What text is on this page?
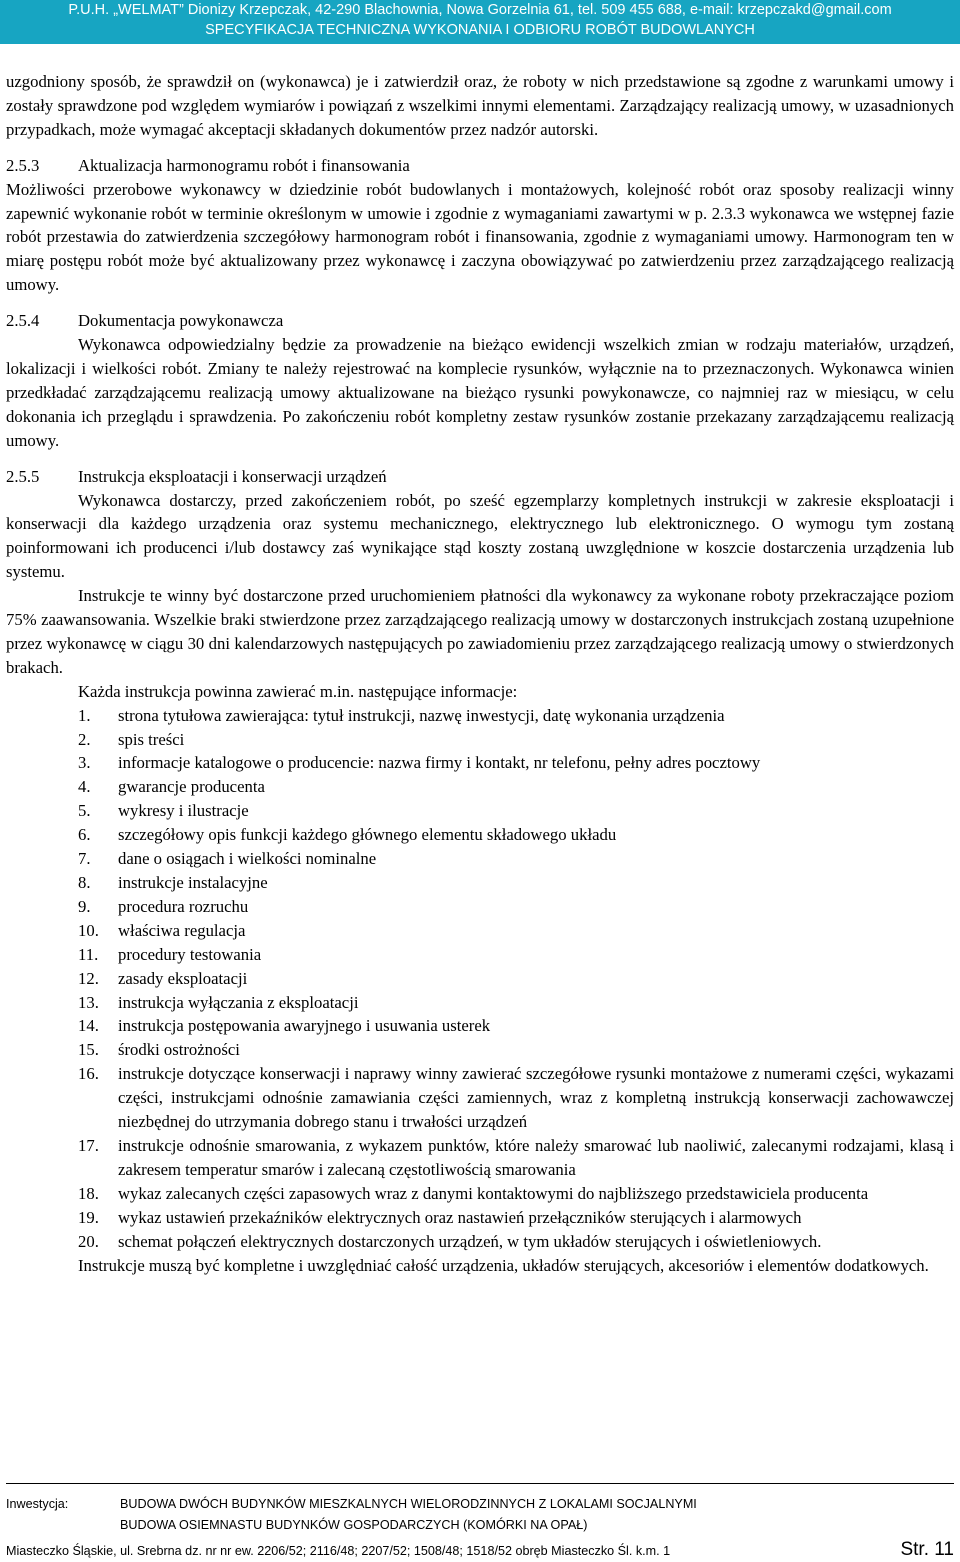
P.U.H. „WELMAT” Dionizy Krzepczak, 42-290 Blachownia, Nowa Gorzelnia 61, tel. 509 455 688, e-mail: krzepczakd@gmail.com
SPECYFIKACJA TECHNICZNA WYKONANIA I ODBIORU ROBÓT BUDOWLANYCH

uzgodniony sposób, że sprawdził on (wykonawca) je i zatwierdził oraz, że roboty w nich przedstawione są zgodne z warunkami umowy i zostały sprawdzone pod względem wymiarów i powiązań z wszelkimi innymi elementami. Zarządzający realizacją umowy, w uzasadnionych przypadkach, może wymagać akceptacji składanych dokumentów przez nadzór autorski.

2.5.3 Aktualizacja harmonogramu robót i finansowania

Możliwości przerobowe wykonawcy w dziedzinie robót budowlanych i montażowych, kolejność robót oraz sposoby realizacji winny zapewnić wykonanie robót w terminie określonym w umowie i zgodnie z wymaganiami zawartymi w p. 2.3.3 wykonawca we wstępnej fazie robót przestawia do zatwierdzenia szczegółowy harmonogram robót i finansowania, zgodnie z wymaganiami umowy. Harmonogram ten w miarę postępu robót może być aktualizowany przez wykonawcę i zaczyna obowiązywać po zatwierdzeniu przez zarządzającego realizacją umowy.

2.5.4 Dokumentacja powykonawcza

Wykonawca odpowiedzialny będzie za prowadzenie na bieżąco ewidencji wszelkich zmian w rodzaju materiałów, urządzeń, lokalizacji i wielkości robót. Zmiany te należy rejestrować na komplecie rysunków, wyłącznie na to przeznaczonych. Wykonawca winien przedkładać zarządzającemu realizacją umowy aktualizowane na bieżąco rysunki powykonawcze, co najmniej raz w miesiącu, w celu dokonania ich przeglądu i sprawdzenia. Po zakończeniu robót kompletny zestaw rysunków zostanie przekazany zarządzającemu realizacją umowy.

2.5.5 Instrukcja eksploatacji i konserwacji urządzeń

Wykonawca dostarczy, przed zakończeniem robót, po sześć egzemplarzy kompletnych instrukcji w zakresie eksploatacji i konserwacji dla każdego urządzenia oraz systemu mechanicznego, elektrycznego lub elektronicznego. O wymogu tym zostaną poinformowani ich producenci i/lub dostawcy zaś wynikające stąd koszty zostaną uwzględnione w koszcie dostarczenia urządzenia lub systemu.

Instrukcje te winny być dostarczone przed uruchomieniem płatności dla wykonawcy za wykonane roboty przekraczające poziom 75% zaawansowania. Wszelkie braki stwierdzone przez zarządzającego realizacją umowy w dostarczonych instrukcjach zostaną uzupełnione przez wykonawcę w ciągu 30 dni kalendarzowych następujących po zawiadomieniu przez zarządzającego realizacją umowy o stwierdzonych brakach.

Każda instrukcja powinna zawierać m.in. następujące informacje:

1.	strona tytułowa zawierająca: tytuł instrukcji, nazwę inwestycji, datę wykonania urządzenia
2.	spis treści
3.	informacje katalogowe o producencie: nazwa firmy i kontakt, nr telefonu, pełny adres pocztowy
4.	gwarancje producenta
5.	wykresy i ilustracje
6.	szczegółowy opis funkcji każdego głównego elementu składowego układu
7.	dane o osiągach i wielkości nominalne
8.	instrukcje instalacyjne
9.	procedura rozruchu
10.	właściwa regulacja
11.	procedury testowania
12.	zasady eksploatacji
13.	instrukcja wyłączania z eksploatacji
14.	instrukcja postępowania awaryjnego i usuwania usterek
15.	środki ostrożności
16.	instrukcje dotyczące konserwacji i naprawy winny zawierać szczegółowe rysunki montażowe z numerami części, wykazami części, instrukcjami odnośnie zamawiania części zamiennych, wraz z kompletną instrukcją konserwacji zachowawczej niezbędnej do utrzymania dobrego stanu i trwałości urządzeń
17.	instrukcje odnośnie smarowania, z wykazem punktów, które należy smarować lub naoliwić, zalecanymi rodzajami, klasą i zakresem temperatur smarów i zalecaną częstotliwością smarowania
18.	wykaz zalecanych części zapasowych wraz z danymi kontaktowymi do najbliższego przedstawiciela producenta
19.	wykaz ustawień przekaźników elektrycznych oraz nastawień przełączników sterujących i alarmowych
20.	schemat połączeń elektrycznych dostarczonych urządzeń, w tym układów sterujących i oświetleniowych.

Instrukcje muszą być kompletne i uwzględniać całość urządzenia, układów sterujących, akcesoriów i elementów dodatkowych.

Inwestycja:	BUDOWA DWÓCH BUDYNKÓW MIESZKALNYCH WIELORODZINNYCH Z LOKALAMI SOCJALNYMI
BUDOWA OSIEMNASTU BUDYNKÓW GOSPODARCZYCH (KOMÓRKI NA OPAŁ)
Miasteczko Śląskie, ul. Srebrna dz. nr nr ew. 2206/52; 2116/48; 2207/52; 1508/48; 1518/52 obręb Miasteczko Śl. k.m. 1	Str. 11
